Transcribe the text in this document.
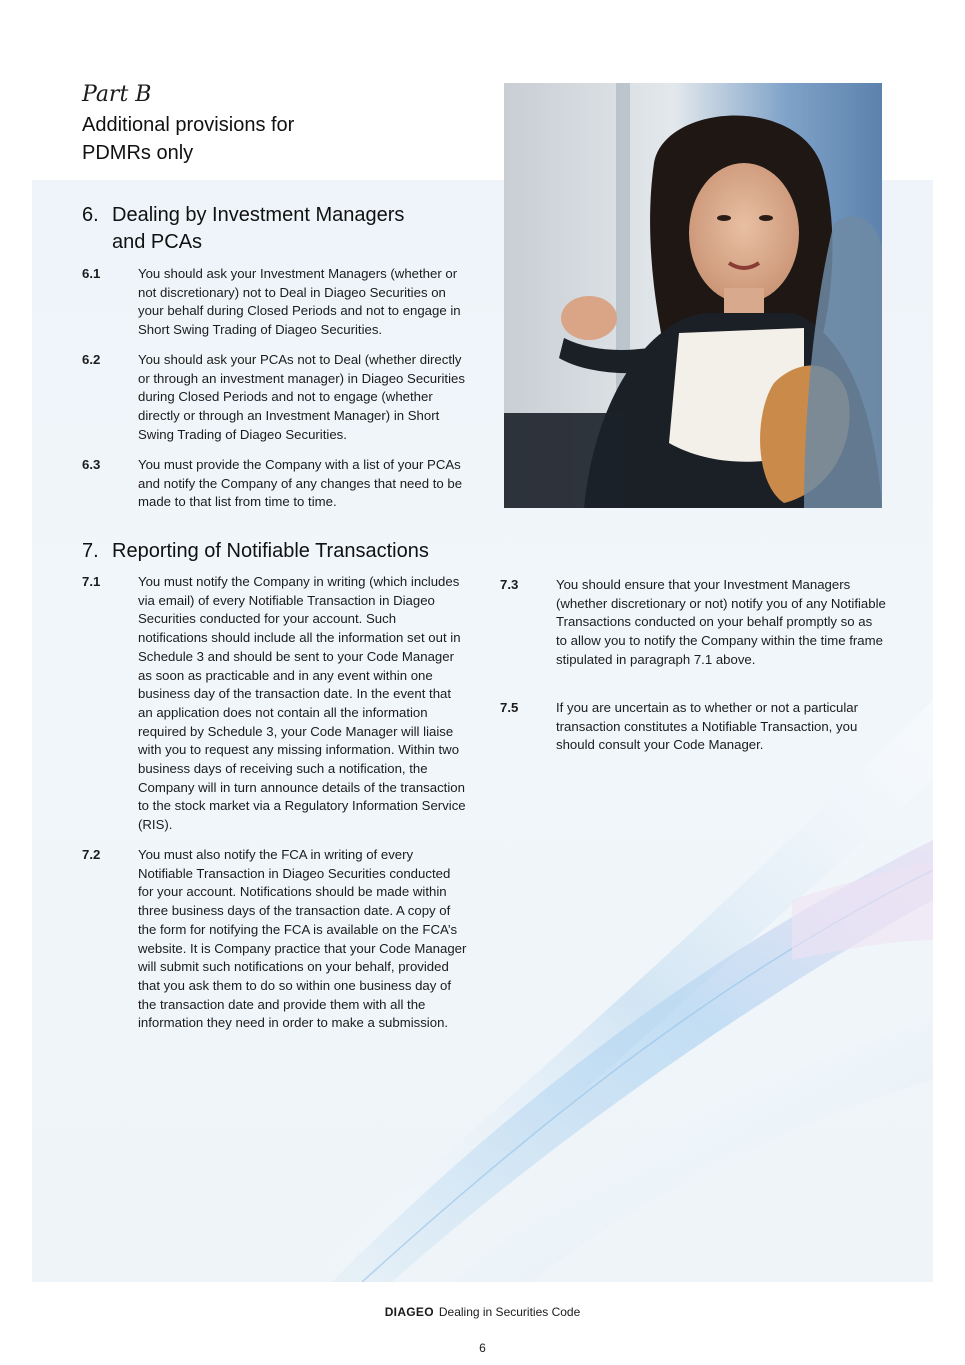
Part B
Additional provisions for PDMRs only
6. Dealing by Investment Managers and PCAs
6.1	You should ask your Investment Managers (whether or not discretionary) not to Deal in Diageo Securities on your behalf during Closed Periods and not to engage in Short Swing Trading of Diageo Securities.
6.2	You should ask your PCAs not to Deal (whether directly or through an investment manager) in Diageo Securities during Closed Periods and not to engage (whether directly or through an Investment Manager) in Short Swing Trading of Diageo Securities.
6.3	You must provide the Company with a list of your PCAs and notify the Company of any changes that need to be made to that list from time to time.
7. Reporting of Notifiable Transactions
7.1	You must notify the Company in writing (which includes via email) of every Notifiable Transaction in Diageo Securities conducted for your account. Such notifications should include all the information set out in Schedule 3 and should be sent to your Code Manager as soon as practicable and in any event within one business day of the transaction date. In the event that an application does not contain all the information required by Schedule 3, your Code Manager will liaise with you to request any missing information. Within two business days of receiving such a notification, the Company will in turn announce details of the transaction to the stock market via a Regulatory Information Service (RIS).
7.2	You must also notify the FCA in writing of every Notifiable Transaction in Diageo Securities conducted for your account. Notifications should be made within three business days of the transaction date. A copy of the form for notifying the FCA is available on the FCA’s website. It is Company practice that your Code Manager will submit such notifications on your behalf, provided that you ask them to do so within one business day of the transaction date and provide them with all the information they need in order to make a submission.
7.3	You should ensure that your Investment Managers (whether discretionary or not) notify you of any Notifiable Transactions conducted on your behalf promptly so as to allow you to notify the Company within the time frame stipulated in paragraph 7.1 above.
7.5	If you are uncertain as to whether or not a particular transaction constitutes a Notifiable Transaction, you should consult your Code Manager.
DIAGEO Dealing in Securities Code
6
